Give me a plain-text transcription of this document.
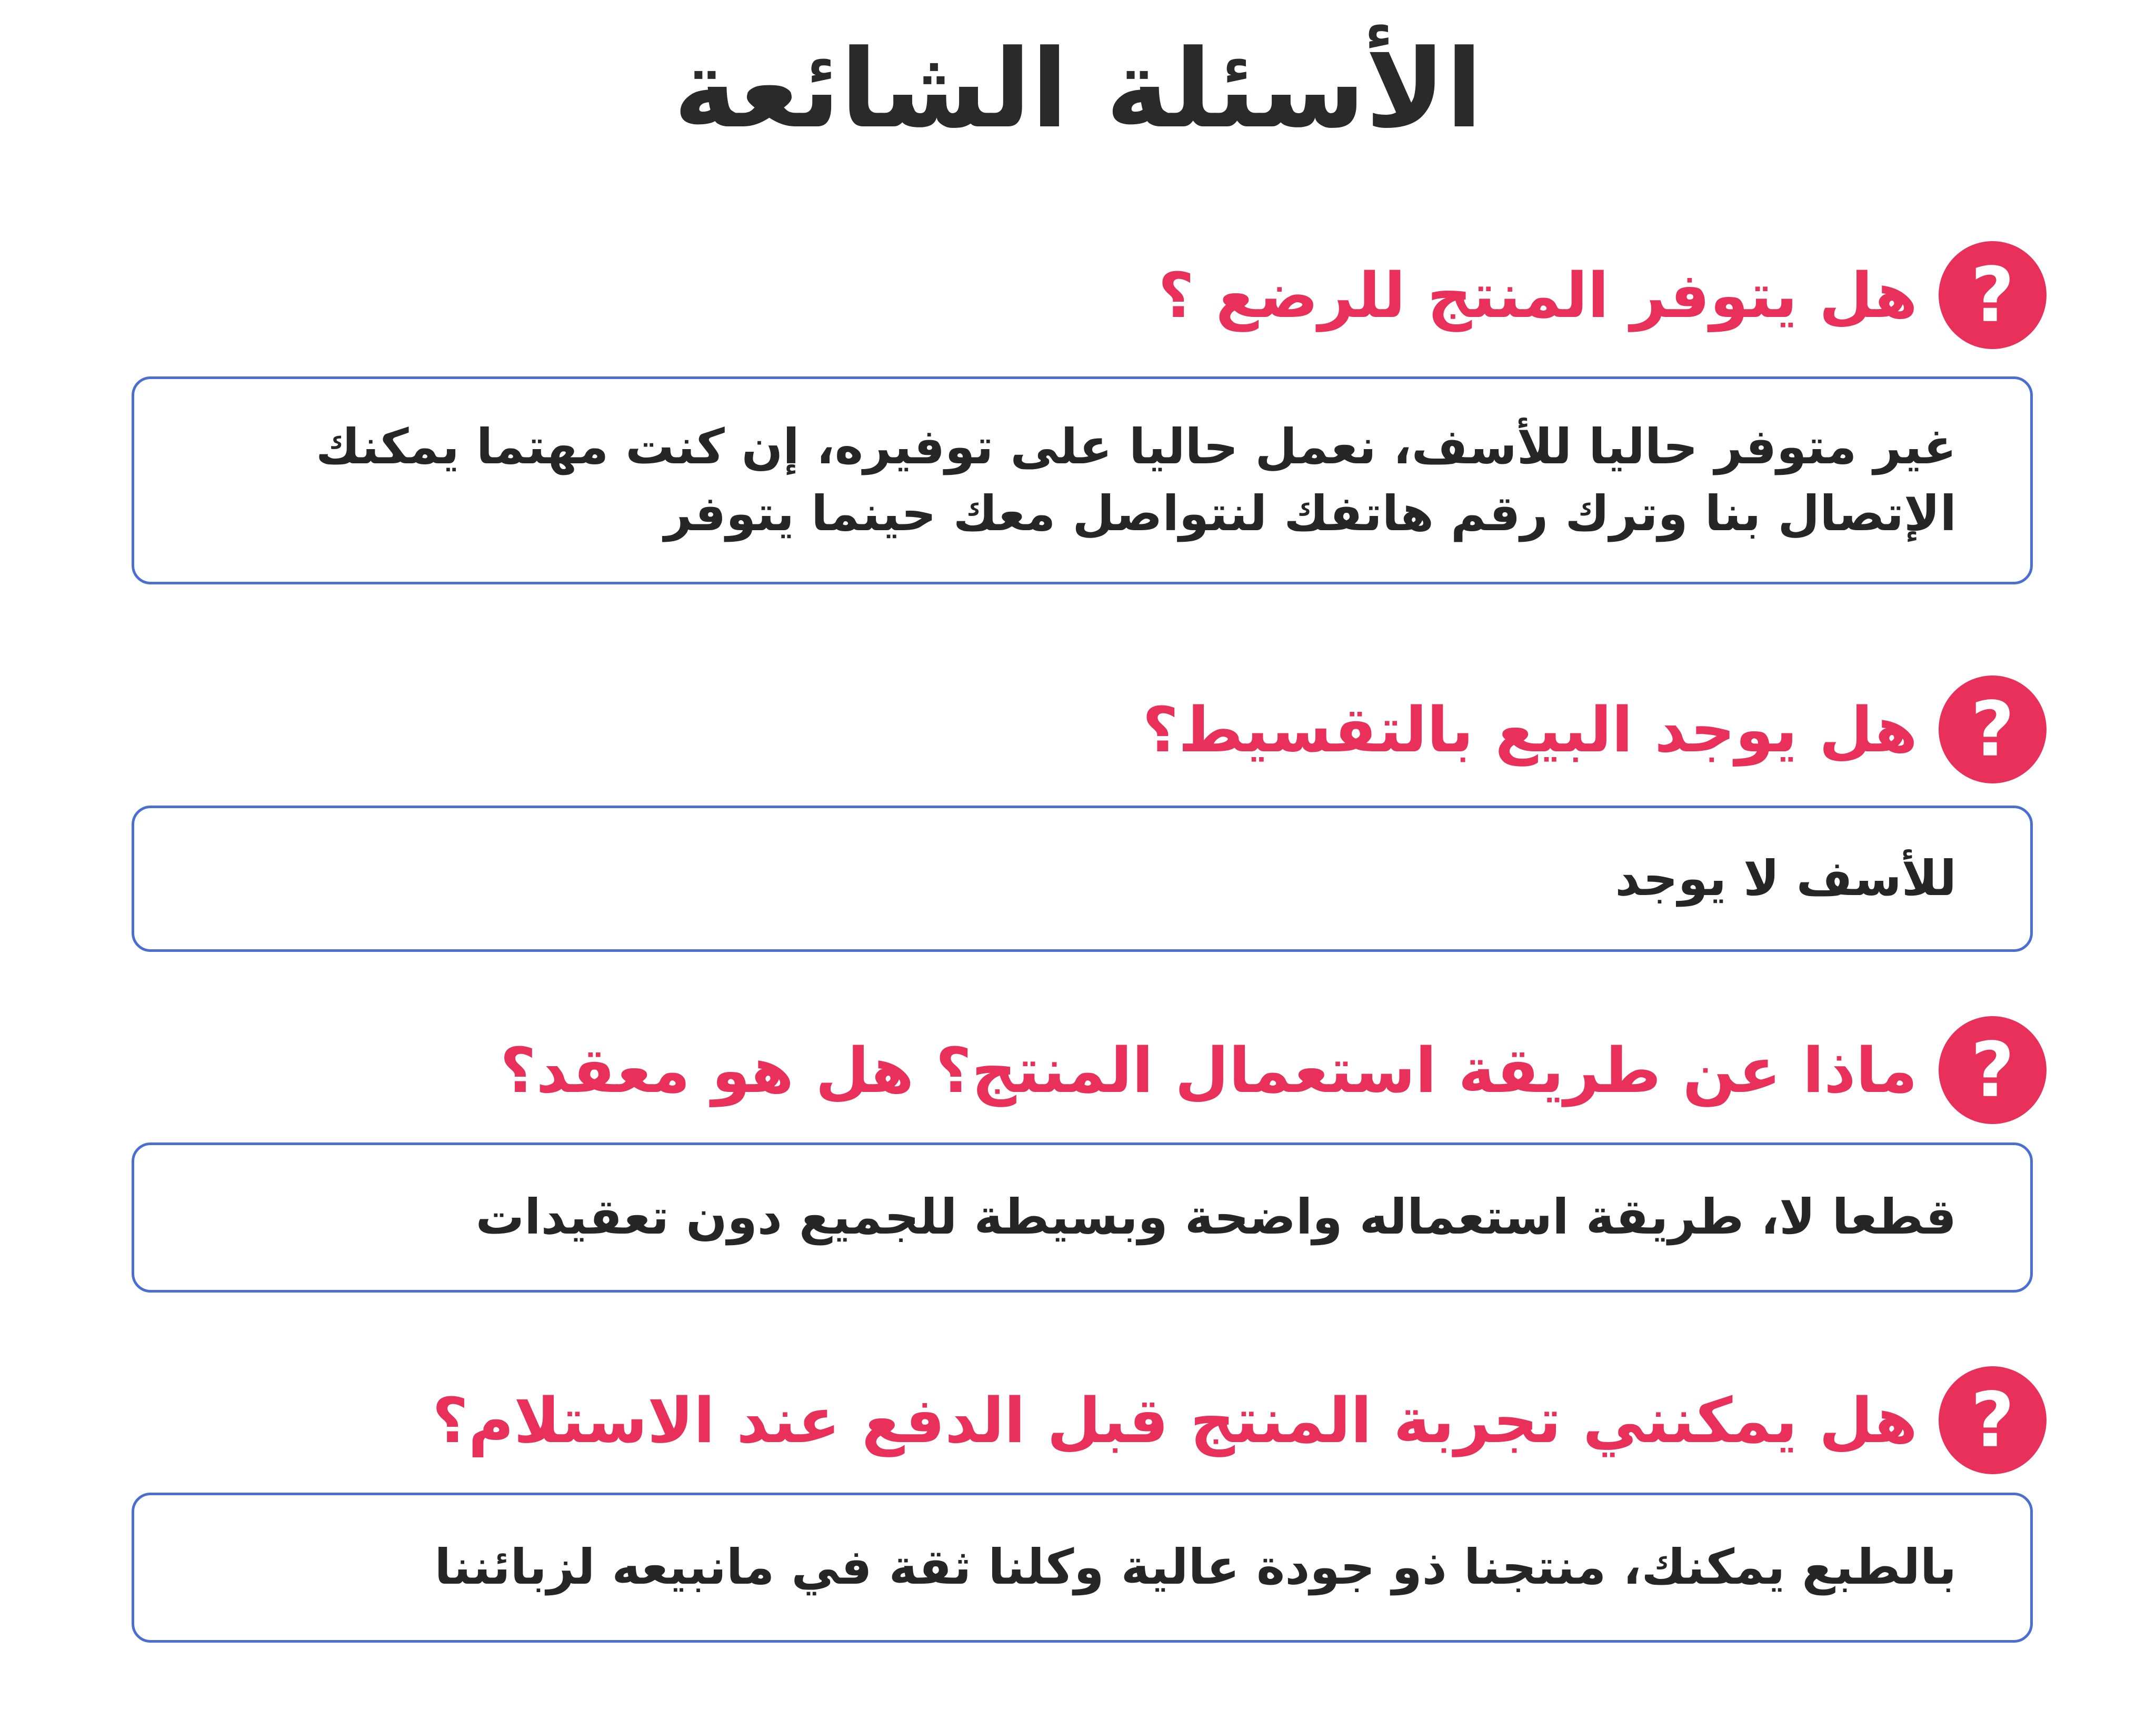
الأسئلة الشائعة
?
هل يتوفر المنتج للرضع ؟
غير متوفر حاليا للأسف، نعمل حاليا على توفيره، إن كنت مهتما يمكنك الإتصال بنا وترك رقم هاتفك لنتواصل معك حينما يتوفر
?
هل يوجد البيع بالتقسيط؟
للأسف لا يوجد
?
ماذا عن طريقة استعمال المنتج؟ هل هو معقد؟
قطعا لا، طريقة استعماله واضحة وبسيطة للجميع دون تعقيدات
?
هل يمكنني تجربة المنتج قبل الدفع عند الاستلام؟
بالطبع يمكنك، منتجنا ذو جودة عالية وكلنا ثقة في مانبيعه لزبائننا
